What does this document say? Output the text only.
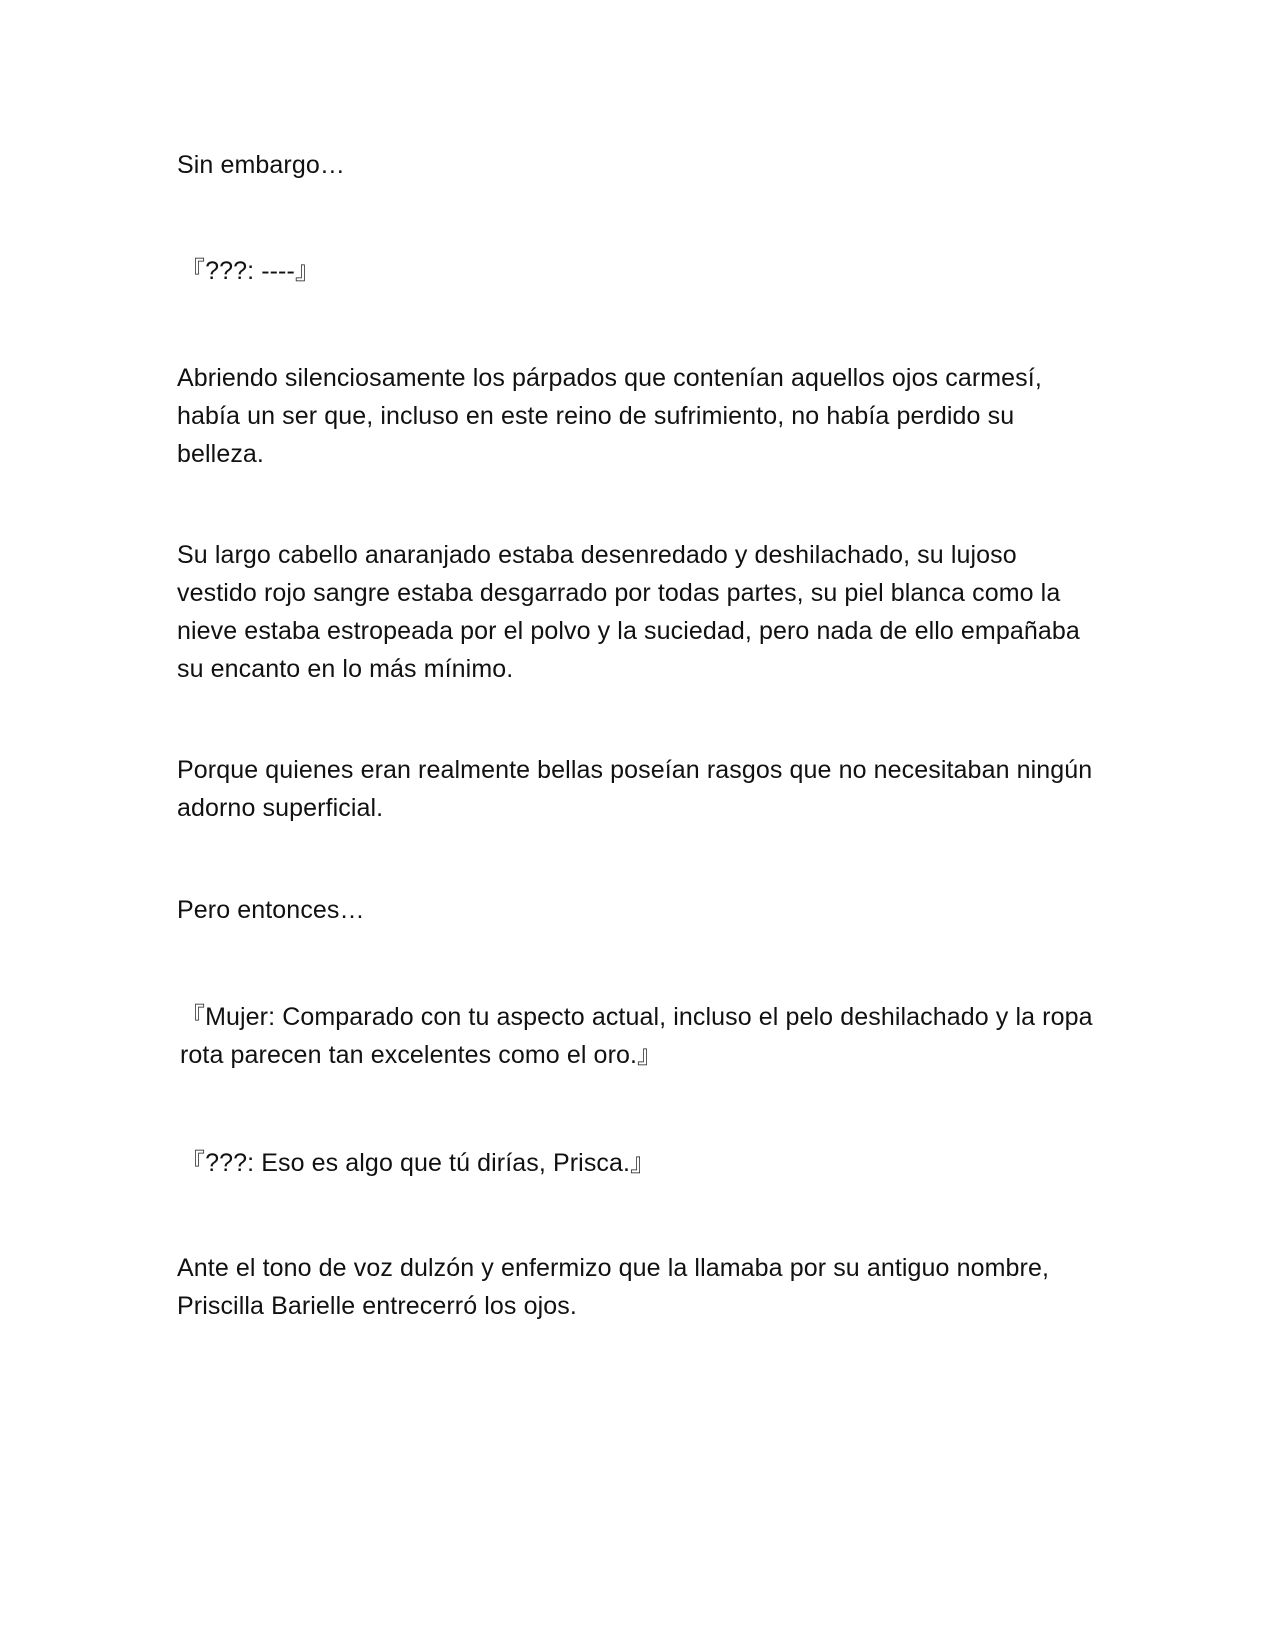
Sin embargo…

『???: ----』

Abriendo silenciosamente los párpados que contenían aquellos ojos carmesí, había un ser que, incluso en este reino de sufrimiento, no había perdido su belleza.

Su largo cabello anaranjado estaba desenredado y deshilachado, su lujoso vestido rojo sangre estaba desgarrado por todas partes, su piel blanca como la nieve estaba estropeada por el polvo y la suciedad, pero nada de ello empañaba su encanto en lo más mínimo.

Porque quienes eran realmente bellas poseían rasgos que no necesitaban ningún adorno superficial.

Pero entonces…

『Mujer: Comparado con tu aspecto actual, incluso el pelo deshilachado y la ropa rota parecen tan excelentes como el oro.』

『???: Eso es algo que tú dirías, Prisca.』

Ante el tono de voz dulzón y enfermizo que la llamaba por su antiguo nombre, Priscilla Barielle entrecerró los ojos.
